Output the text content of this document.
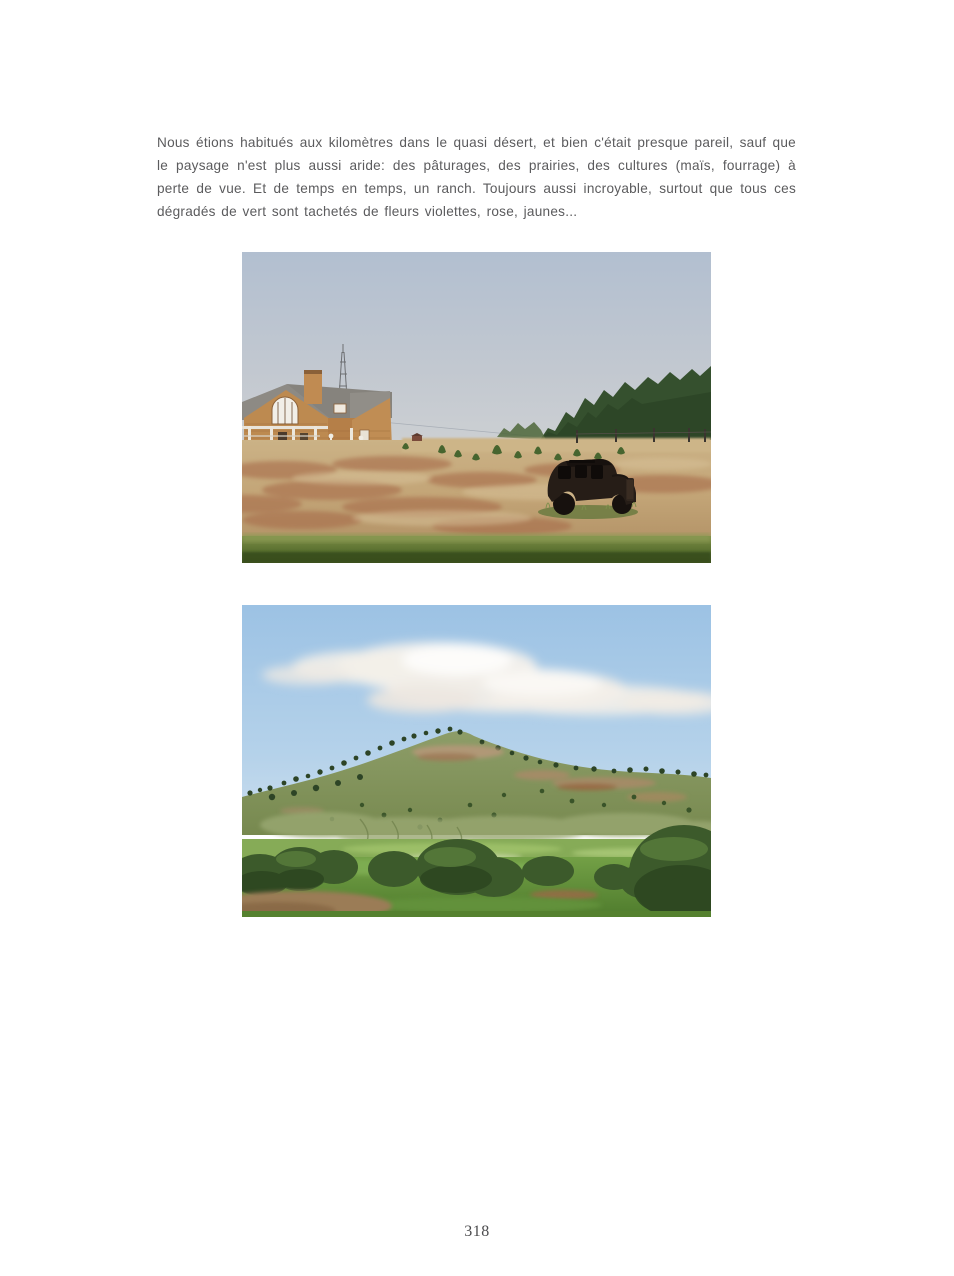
Nous étions habitués aux kilomètres dans le quasi désert, et bien c'était presque pareil, sauf que le paysage n'est plus aussi aride: des pâturages, des prairies, des cultures (maïs, fourrage) à perte de vue. Et de temps en temps, un ranch. Toujours aussi incroyable, surtout que tous ces dégradés de vert sont tachetés de fleurs violettes, rose, jaunes...

318
